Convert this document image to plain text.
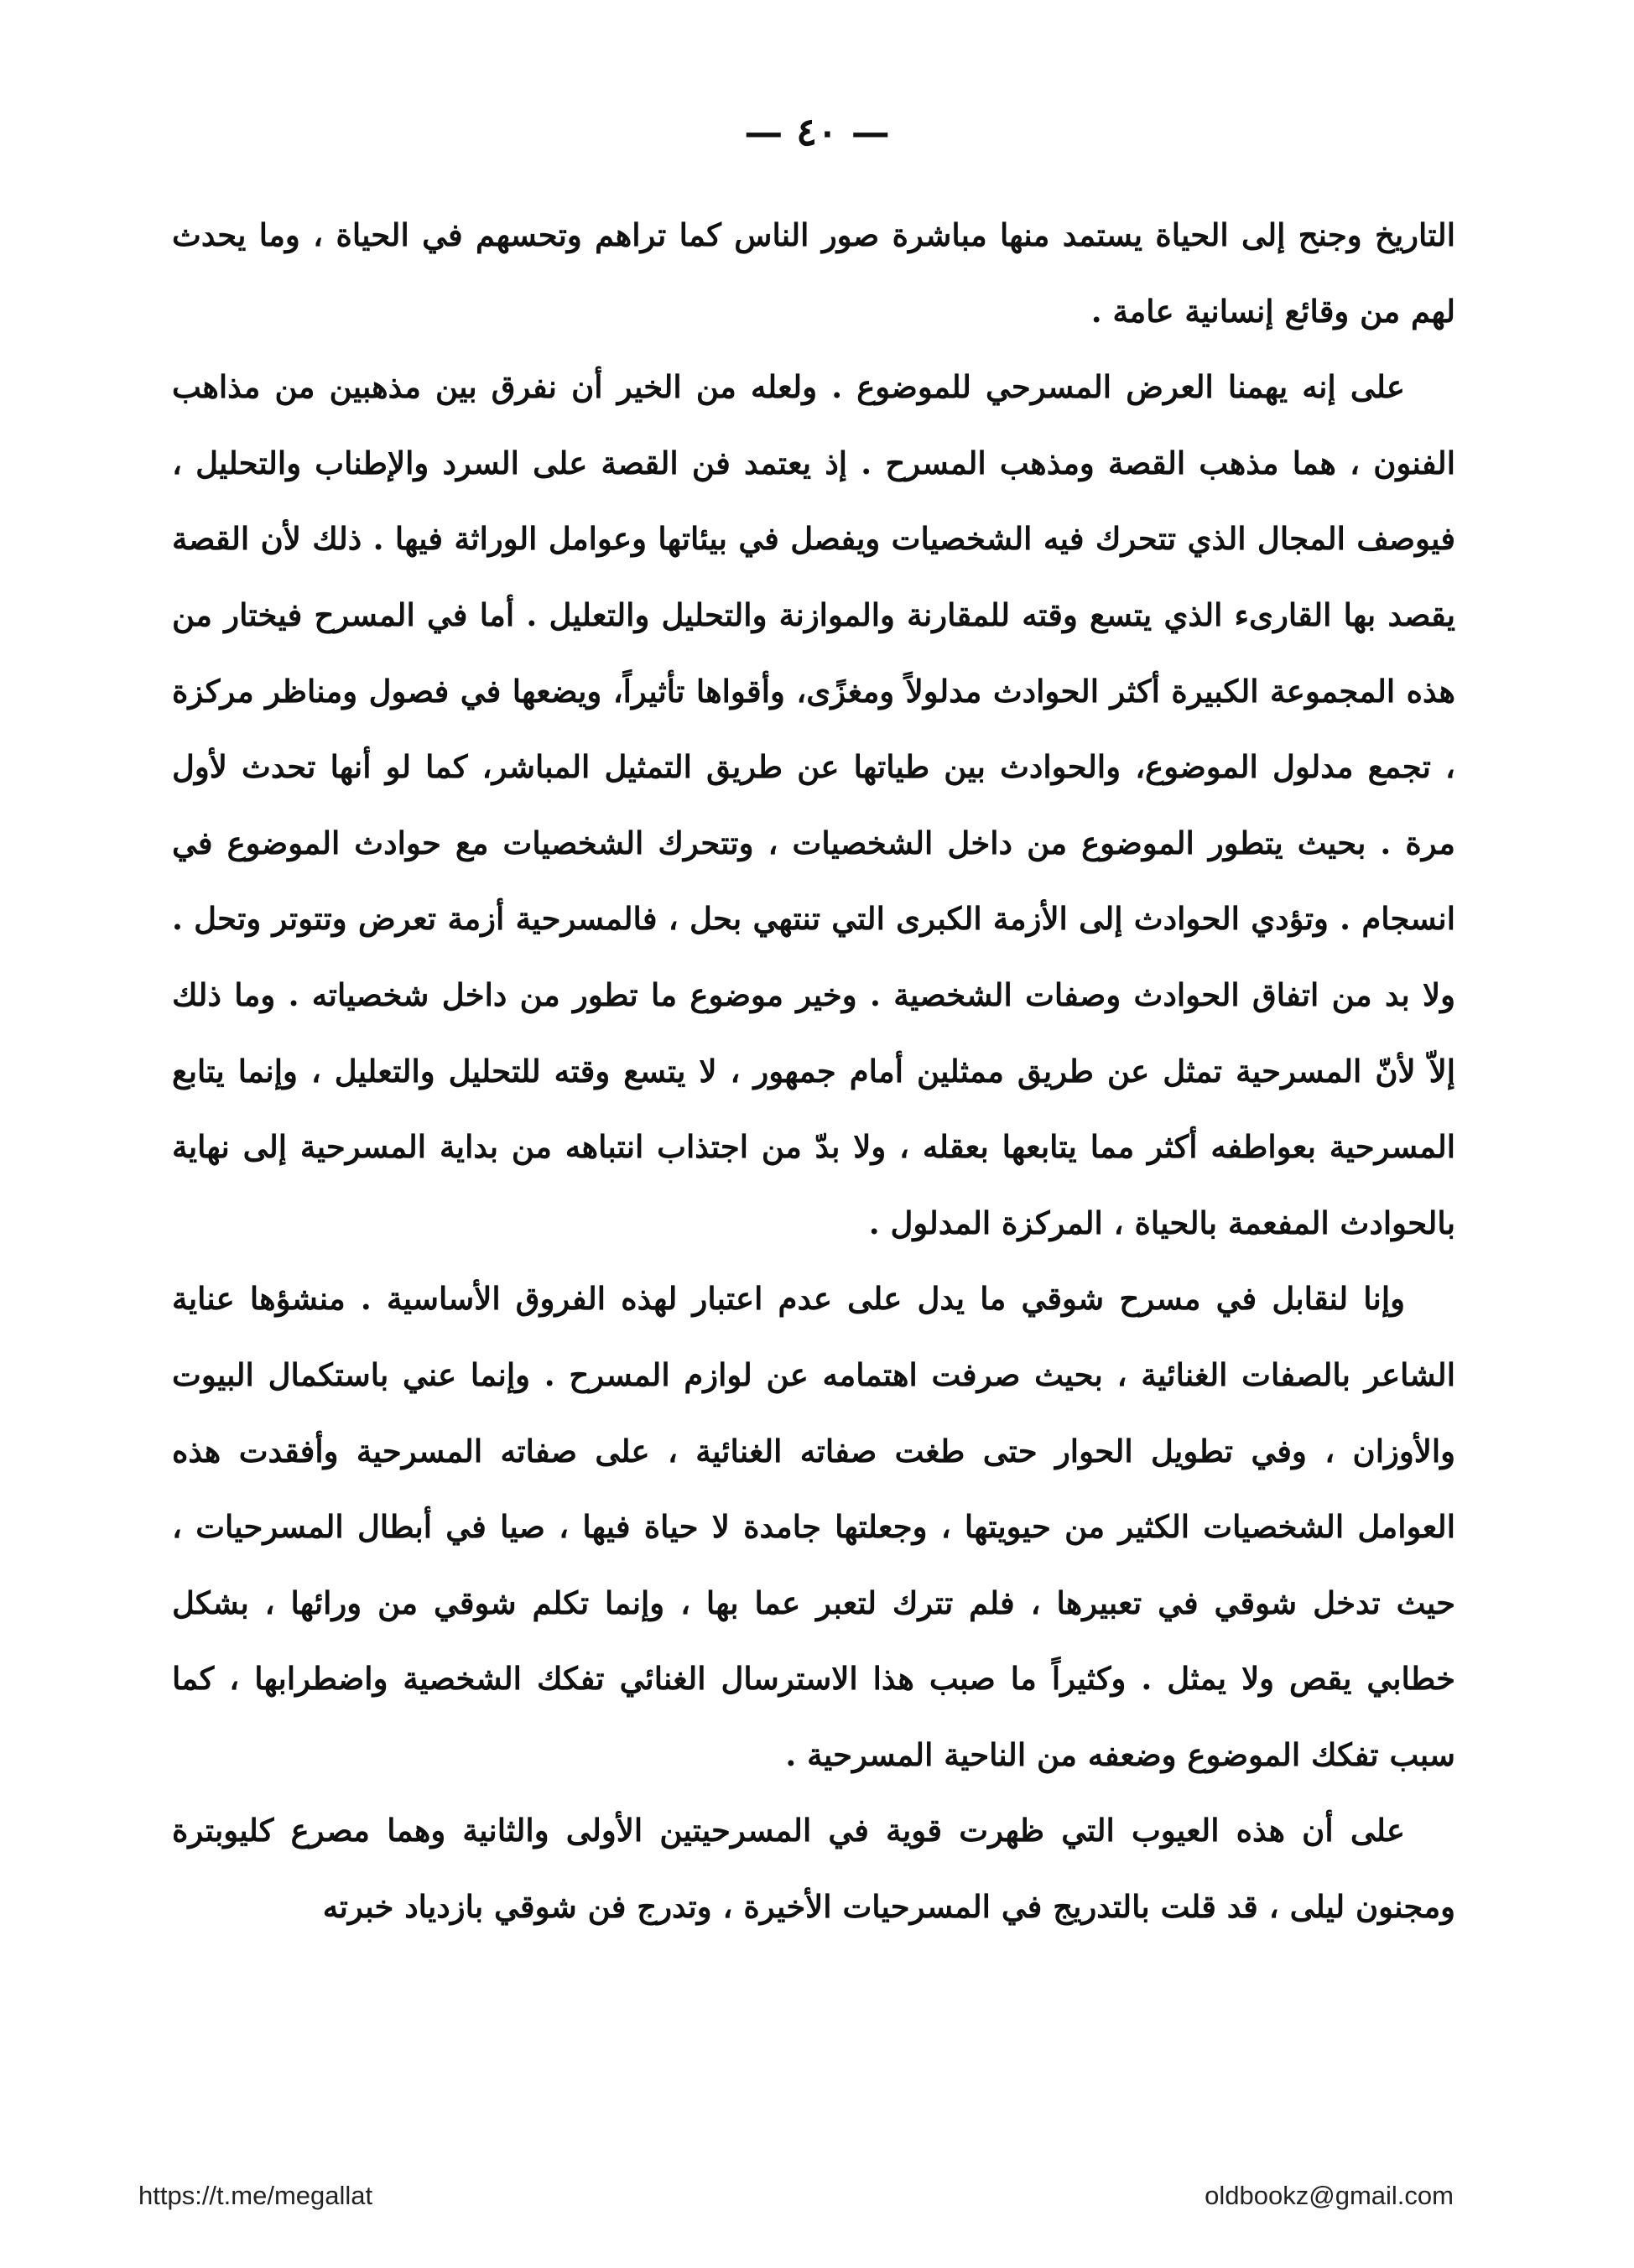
— ٤٠ —

التاريخ وجنح إلى الحياة يستمد منها مباشرة صور الناس كما تراهم وتحسهم في الحياة ، وما يحدث لهم من وقائع إنسانية عامة .

على إنه يهمنا العرض المسرحي للموضوع . ولعله من الخير أن نفرق بين مذهبين من مذاهب الفنون ، هما مذهب القصة ومذهب المسرح . إذ يعتمد فن القصة على السرد والإطناب والتحليل ، فيوصف المجال الذي تتحرك فيه الشخصيات ويفصل في بيئاتها وعوامل الوراثة فيها . ذلك لأن القصة يقصد بها القارىء الذي يتسع وقته للمقارنة والموازنة والتحليل والتعليل . أما في المسرح فيختار من هذه المجموعة الكبيرة أكثر الحوادث مدلولاً ومغزًى، وأقواها تأثيراً، ويضعها في فصول ومناظر مركزة ، تجمع مدلول الموضوع، والحوادث بين طياتها عن طريق التمثيل المباشر، كما لو أنها تحدث لأول مرة . بحيث يتطور الموضوع من داخل الشخصيات ، وتتحرك الشخصيات مع حوادث الموضوع في انسجام . وتؤدي الحوادث إلى الأزمة الكبرى التي تنتهي بحل ، فالمسرحية أزمة تعرض وتتوتر وتحل . ولا بد من اتفاق الحوادث وصفات الشخصية . وخير موضوع ما تطور من داخل شخصياته . وما ذلك إلاّ لأنّ المسرحية تمثل عن طريق ممثلين أمام جمهور ، لا يتسع وقته للتحليل والتعليل ، وإنما يتابع المسرحية بعواطفه أكثر مما يتابعها بعقله ، ولا بدّ من اجتذاب انتباهه من بداية المسرحية إلى نهاية بالحوادث المفعمة بالحياة ، المركزة المدلول .

وإنا لنقابل في مسرح شوقي ما يدل على عدم اعتبار لهذه الفروق الأساسية . منشؤها عناية الشاعر بالصفات الغنائية ، بحيث صرفت اهتمامه عن لوازم المسرح . وإنما عني باستكمال البيوت والأوزان ، وفي تطويل الحوار حتى طغت صفاته الغنائية ، على صفاته المسرحية وأفقدت هذه العوامل الشخصيات الكثير من حيويتها ، وجعلتها جامدة لا حياة فيها ، صيا في أبطال المسرحيات ، حيث تدخل شوقي في تعبيرها ، فلم تترك لتعبر عما بها ، وإنما تكلم شوقي من ورائها ، بشكل خطابي يقص ولا يمثل . وكثيراً ما صبب هذا الاسترسال الغنائي تفكك الشخصية واضطرابها ، كما سبب تفكك الموضوع وضعفه من الناحية المسرحية .

على أن هذه العيوب التي ظهرت قوية في المسرحيتين الأولى والثانية وهما مصرع كليوبترة ومجنون ليلى ، قد قلت بالتدريج في المسرحيات الأخيرة ، وتدرج فن شوقي بازدياد خبرته

https://t.me/megallat	oldbookz@gmail.com
